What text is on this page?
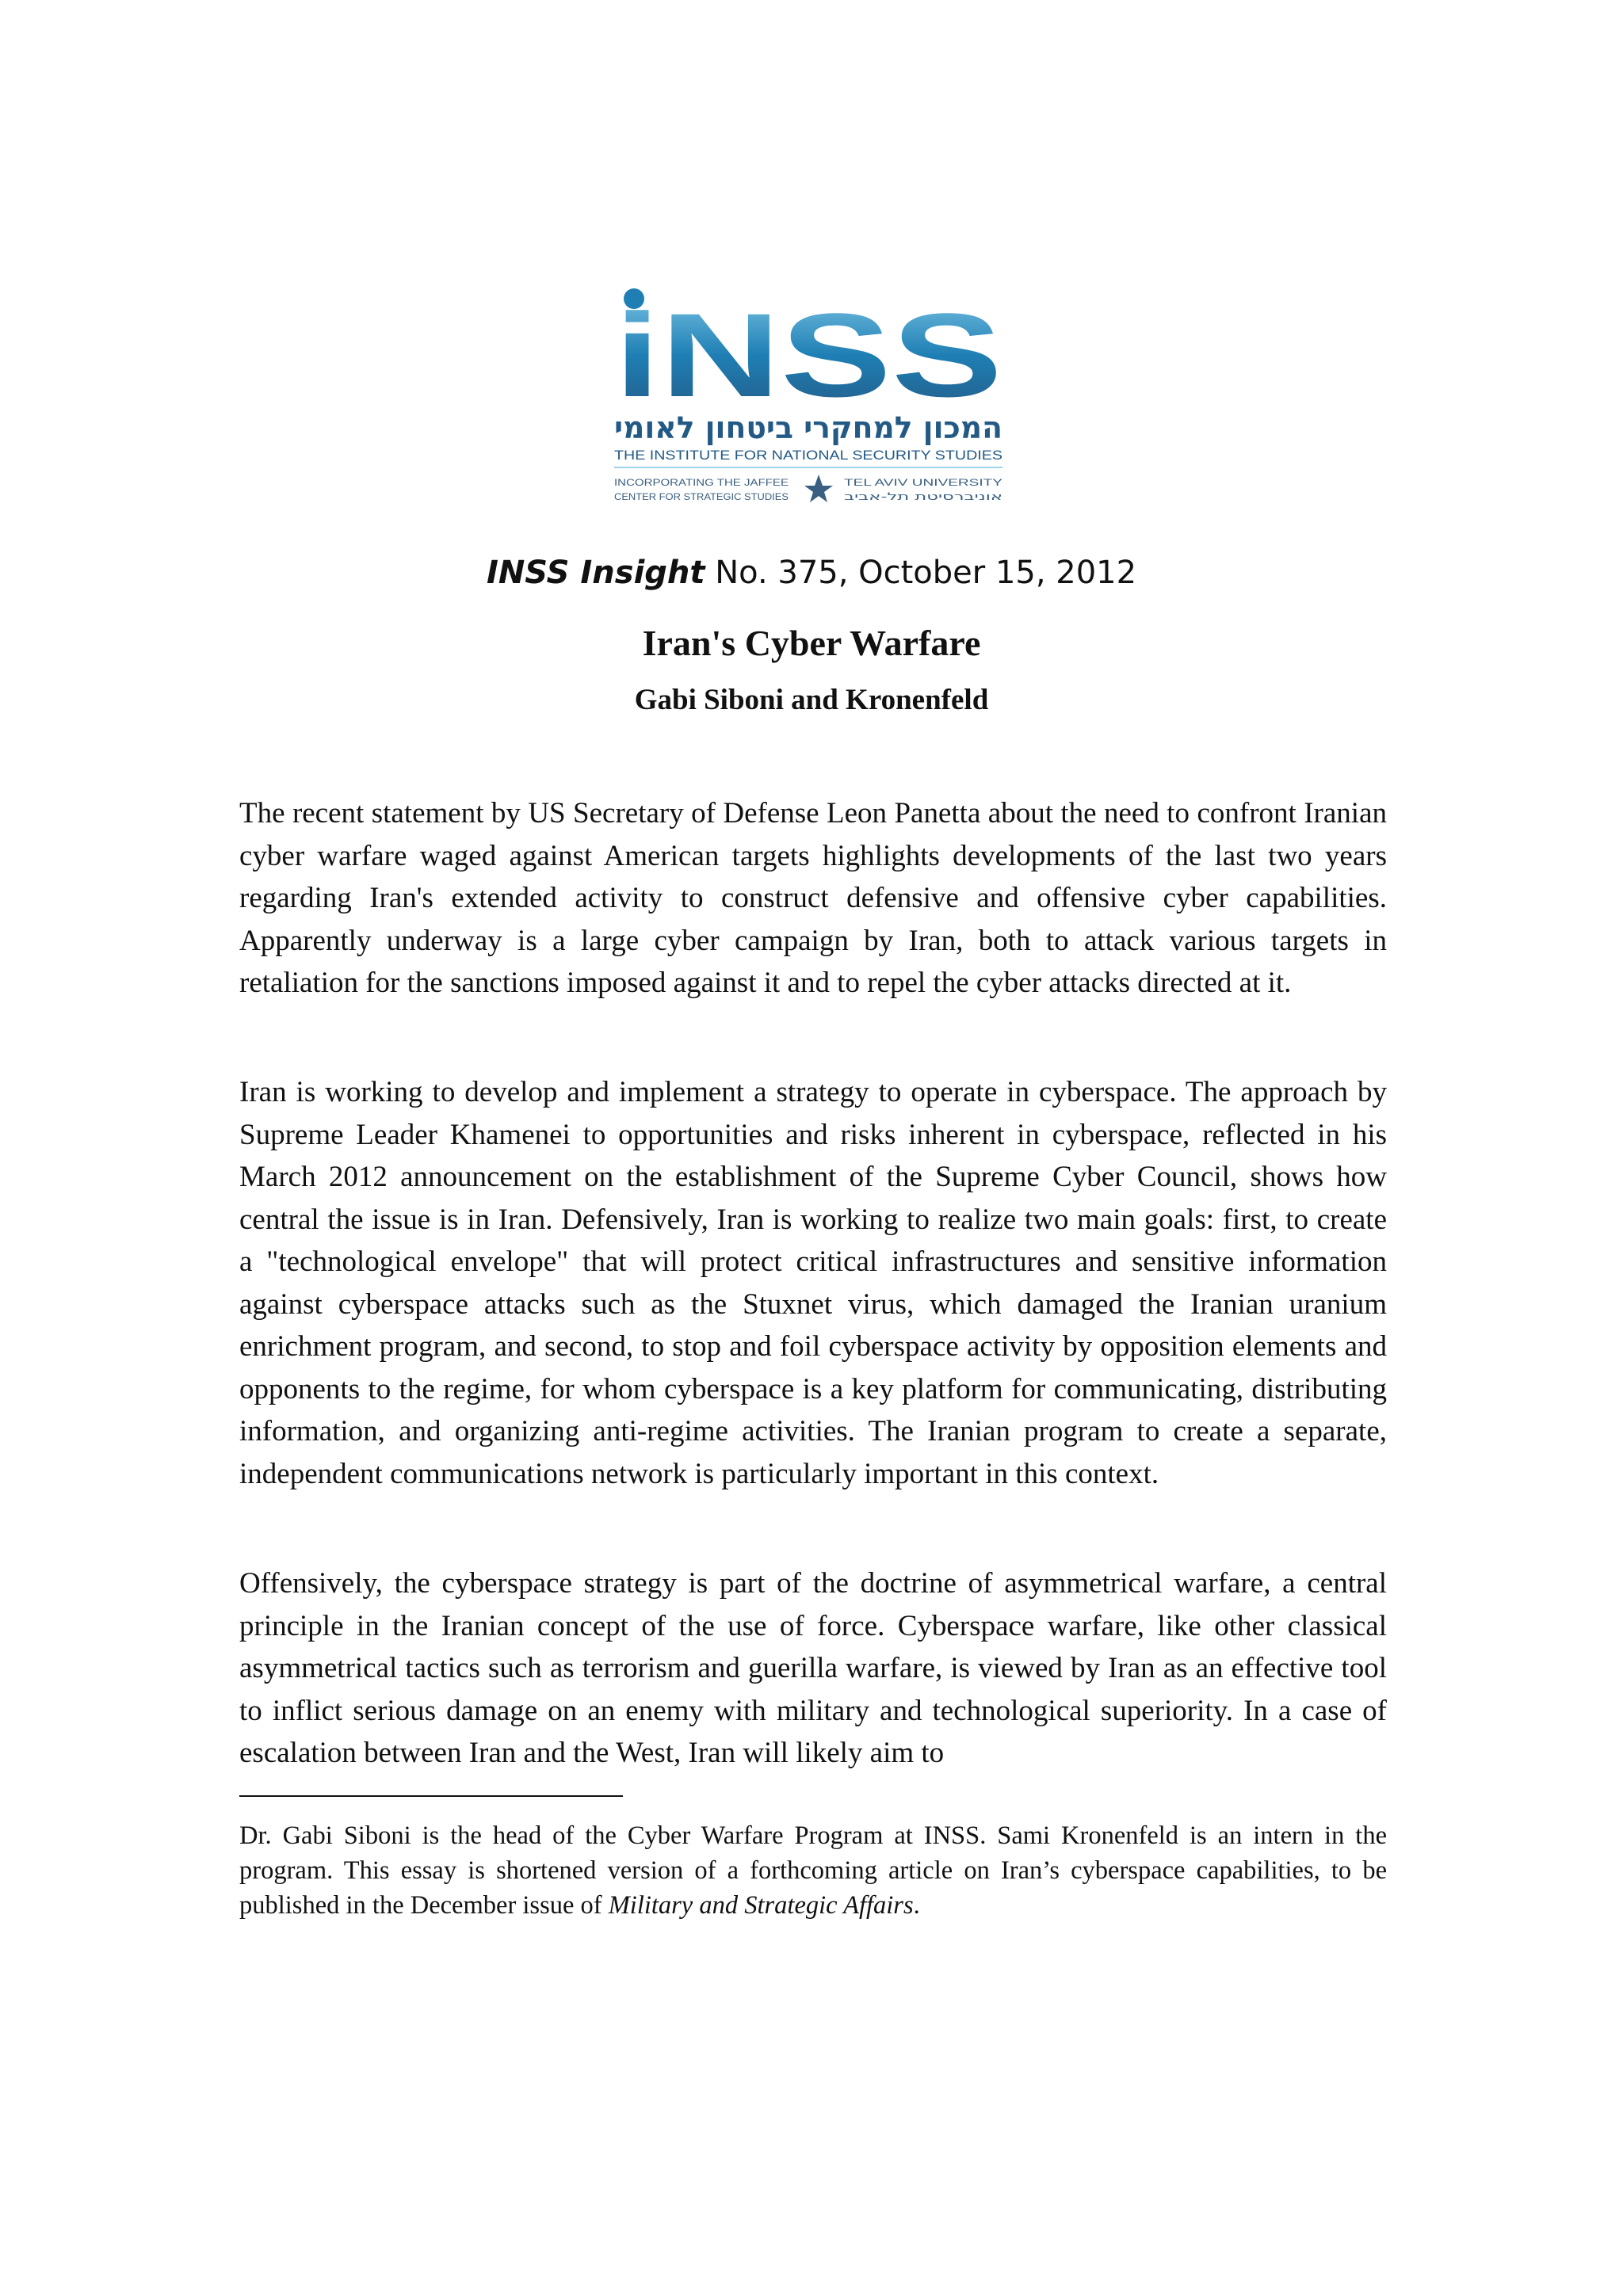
iNSS
המכון למחקרי ביטחון לאומי
THE INSTITUTE FOR NATIONAL SECURITY STUDIES
INCORPORATING THE JAFFEE
CENTER FOR STRATEGIC STUDIES
TEL AVIV UNIVERSITY
אוניברסיטת תל-אביב
INSS Insight No. 375, October 15, 2012
Iran's Cyber Warfare
Gabi Siboni and Kronenfeld

The recent statement by US Secretary of Defense Leon Panetta about the need to confront Iranian cyber warfare waged against American targets highlights developments of the last two years regarding Iran's extended activity to construct defensive and offensive cyber capabilities. Apparently underway is a large cyber campaign by Iran, both to attack various targets in retaliation for the sanctions imposed against it and to repel the cyber attacks directed at it.

Iran is working to develop and implement a strategy to operate in cyberspace. The approach by Supreme Leader Khamenei to opportunities and risks inherent in cyberspace, reflected in his March 2012 announcement on the establishment of the Supreme Cyber Council, shows how central the issue is in Iran. Defensively, Iran is working to realize two main goals: first, to create a "technological envelope" that will protect critical infrastructures and sensitive information against cyberspace attacks such as the Stuxnet virus, which damaged the Iranian uranium enrichment program, and second, to stop and foil cyberspace activity by opposition elements and opponents to the regime, for whom cyberspace is a key platform for communicating, distributing information, and organizing anti-regime activities. The Iranian program to create a separate, independent communications network is particularly important in this context.

Offensively, the cyberspace strategy is part of the doctrine of asymmetrical warfare, a central principle in the Iranian concept of the use of force. Cyberspace warfare, like other classical asymmetrical tactics such as terrorism and guerilla warfare, is viewed by Iran as an effective tool to inflict serious damage on an enemy with military and technological superiority. In a case of escalation between Iran and the West, Iran will likely aim to

Dr. Gabi Siboni is the head of the Cyber Warfare Program at INSS. Sami Kronenfeld is an intern in the program. This essay is shortened version of a forthcoming article on Iran’s cyberspace capabilities, to be published in the December issue of Military and Strategic Affairs.
